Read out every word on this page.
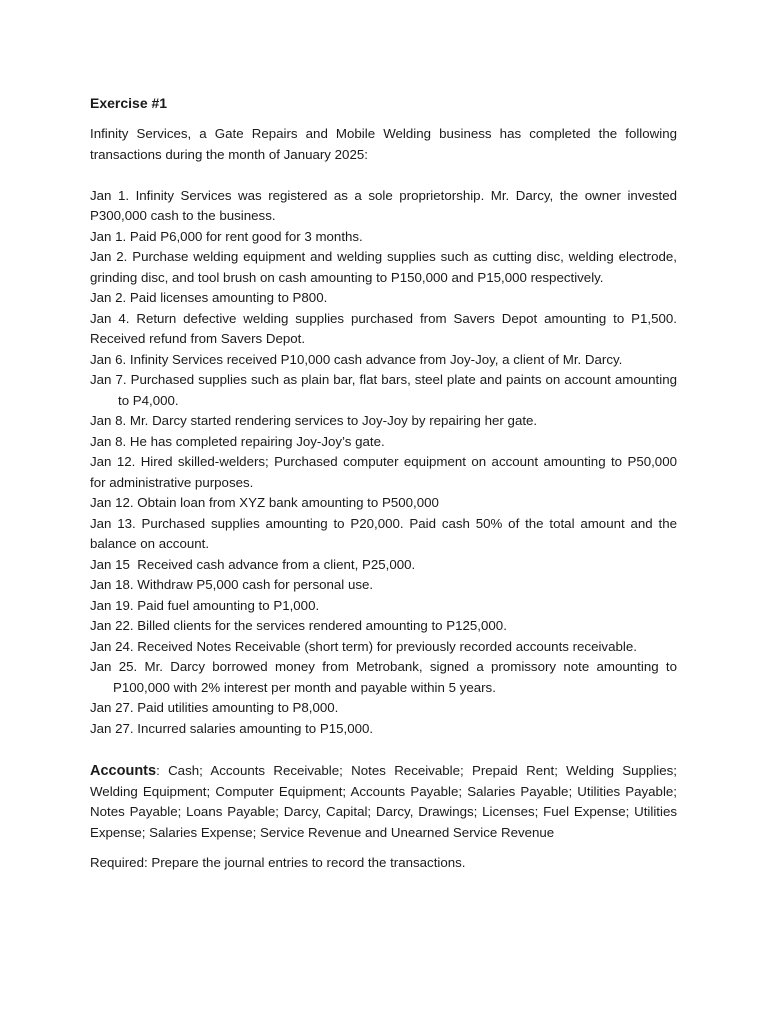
Exercise #1

Infinity Services, a Gate Repairs and Mobile Welding business has completed the following transactions during the month of January 2025:

Jan 1. Infinity Services was registered as a sole proprietorship. Mr. Darcy, the owner invested P300,000 cash to the business.

Jan 1. Paid P6,000 for rent good for 3 months.

Jan 2. Purchase welding equipment and welding supplies such as cutting disc, welding electrode, grinding disc, and tool brush on cash amounting to P150,000 and P15,000 respectively.

Jan 2. Paid licenses amounting to P800.

Jan 4. Return defective welding supplies purchased from Savers Depot amounting to P1,500. Received refund from Savers Depot.

Jan 6. Infinity Services received P10,000 cash advance from Joy-Joy, a client of Mr. Darcy.

Jan 7. Purchased supplies such as plain bar, flat bars, steel plate and paints on account amounting to P4,000.

Jan 8. Mr. Darcy started rendering services to Joy-Joy by repairing her gate.

Jan 8. He has completed repairing Joy-Joy’s gate.

Jan 12. Hired skilled-welders; Purchased computer equipment on account amounting to P50,000 for administrative purposes.

Jan 12. Obtain loan from XYZ bank amounting to P500,000

Jan 13. Purchased supplies amounting to P20,000. Paid cash 50% of the total amount and the balance on account.

Jan 15  Received cash advance from a client, P25,000.

Jan 18. Withdraw P5,000 cash for personal use.

Jan 19. Paid fuel amounting to P1,000.

Jan 22. Billed clients for the services rendered amounting to P125,000.

Jan 24. Received Notes Receivable (short term) for previously recorded accounts receivable.

Jan 25. Mr. Darcy borrowed money from Metrobank, signed a promissory note amounting to P100,000 with 2% interest per month and payable within 5 years.

Jan 27. Paid utilities amounting to P8,000.

Jan 27. Incurred salaries amounting to P15,000.

Accounts: Cash; Accounts Receivable; Notes Receivable; Prepaid Rent; Welding Supplies; Welding Equipment; Computer Equipment; Accounts Payable; Salaries Payable; Utilities Payable; Notes Payable; Loans Payable; Darcy, Capital; Darcy, Drawings; Licenses; Fuel Expense; Utilities Expense; Salaries Expense; Service Revenue and Unearned Service Revenue

Required: Prepare the journal entries to record the transactions.
